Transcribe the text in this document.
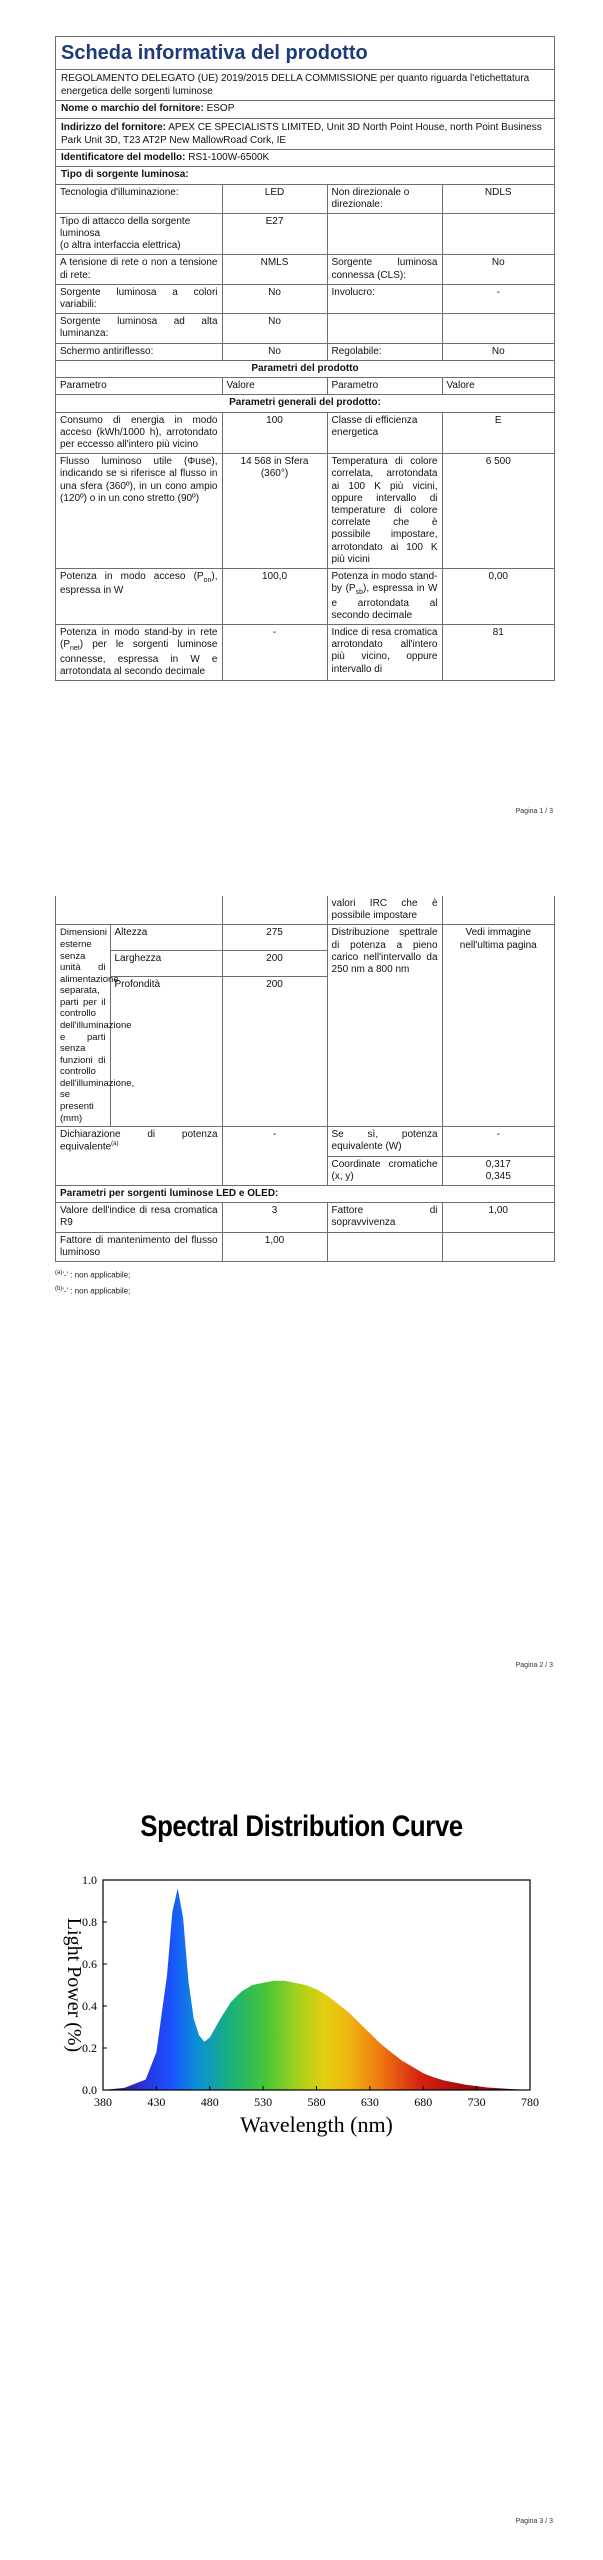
Scheda informativa del prodotto
REGOLAMENTO DELEGATO (UE) 2019/2015 DELLA COMMISSIONE per quanto riguarda l'etichettatura energetica delle sorgenti luminose
Nome o marchio del fornitore: ESOP
Indirizzo del fornitore: APEX CE SPECIALISTS LIMITED, Unit 3D North Point House, north Point Business Park Unit 3D, T23 AT2P New MallowRoad Cork, IE
Identificatore del modello: RS1-100W-6500K
Tipo di sorgente luminosa:
Tecnologia d'illuminazione:	LED	Non direzionale o direzionale:	NDLS
Tipo di attacco della sorgente luminosa
(o altra interfaccia elettrica)	E27		
A tensione di rete o non a tensione di rete:	NMLS	Sorgente luminosa connessa (CLS):	No
Sorgente luminosa a colori variabili:	No	Involucro:	-
Sorgente luminosa ad alta luminanza:	No		
Schermo antiriflesso:	No	Regolabile:	No
Parametri del prodotto
Parametro	Valore	Parametro	Valore
Parametri generali del prodotto:			
Consumo di energia in modo acceso (kWh/1000 h), arrotondato per eccesso all'intero più vicino	100	Classe di efficienza energetica	E
Flusso luminoso utile (Φuse), indicando se si riferisce al flusso in una sfera (360º), in un cono ampio (120º) o in un cono stretto (90º)	14 568 in Sfera (360°)	Temperatura di colore correlata, arrotondata ai 100 K più vicini, oppure intervallo di temperature di colore correlate che è possibile impostare, arrotondato ai 100 K più vicini	6 500
Potenza in modo acceso $(P_{on})$, espressa in W	100,0	Potenza in modo stand-by $(P_{sb})$, espressa in W e arrotondata al secondo decimale	0,00
Potenza in modo stand-by in rete $(P_{net})$ per le sorgenti luminose connesse, espressa in W e arrotondata al secondo decimale	-	Indice di resa cromatica arrotondato all'intero più vicino, oppure intervallo di	81
Pagina 1 / 3
			valori IRC che è possibile impostare	
Dimensioni esterne senza unità di alimentazione separata, parti per il controllo dell'illuminazione e parti senza funzioni di controllo dell'illuminazione, se presenti (mm)	Altezza	275	Distribuzione spettrale di potenza a pieno carico nell'intervallo da 250 nm a 800 nm	Vedi immagine nell'ultima pagina
	Larghezza	200		
	Profondità	200		
Dichiarazione di potenza equivalente$^{(a)}$		-	Se sì, potenza equivalente (W)	-
			Coordinate cromatiche (x, y)	0,317
0,345
Parametri per sorgenti luminose LED e OLED:				
Valore dell'indice di resa cromatica R9		3	Fattore di sopravvivenza	1,00
Fattore di mantenimento del flusso luminoso		1,00		
$^{(a)}$'-' : non applicabile;
$^{(b)}$'-' : non applicabile;
Pagina 2 / 3
Spectral Distribution Curve
380	430	480	530	580	630	680	730	780
0.0
0.2
0.4
0.6
0.8
1.0
Wavelength (nm)
Light Power (%)
Pagina 3 / 3
